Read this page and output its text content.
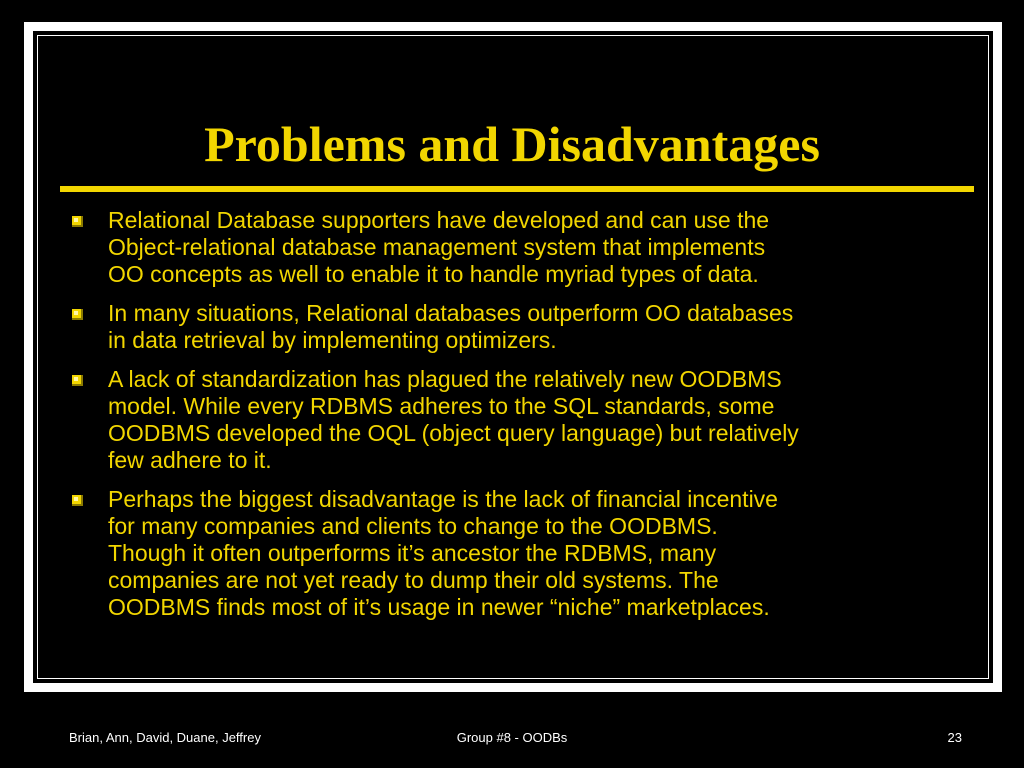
Problems and Disadvantages
Relational Database supporters have developed and can use the
Object-relational database management system that implements
OO concepts as well to enable it to handle myriad types of data.
In many situations, Relational databases outperform OO databases
in data retrieval by implementing optimizers.
A lack of standardization has plagued the relatively new OODBMS
model. While every RDBMS adheres to the SQL standards, some
OODBMS developed the OQL (object query language) but relatively
few adhere to it.
Perhaps the biggest disadvantage is the lack of financial incentive
for many companies and clients to change to the OODBMS.
Though it often outperforms it’s ancestor the RDBMS, many
companies are not yet ready to dump their old systems. The
OODBMS finds most of it’s usage in newer “niche” marketplaces.
Brian, Ann, David, Duane, Jeffrey	Group #8 - OODBs	23
